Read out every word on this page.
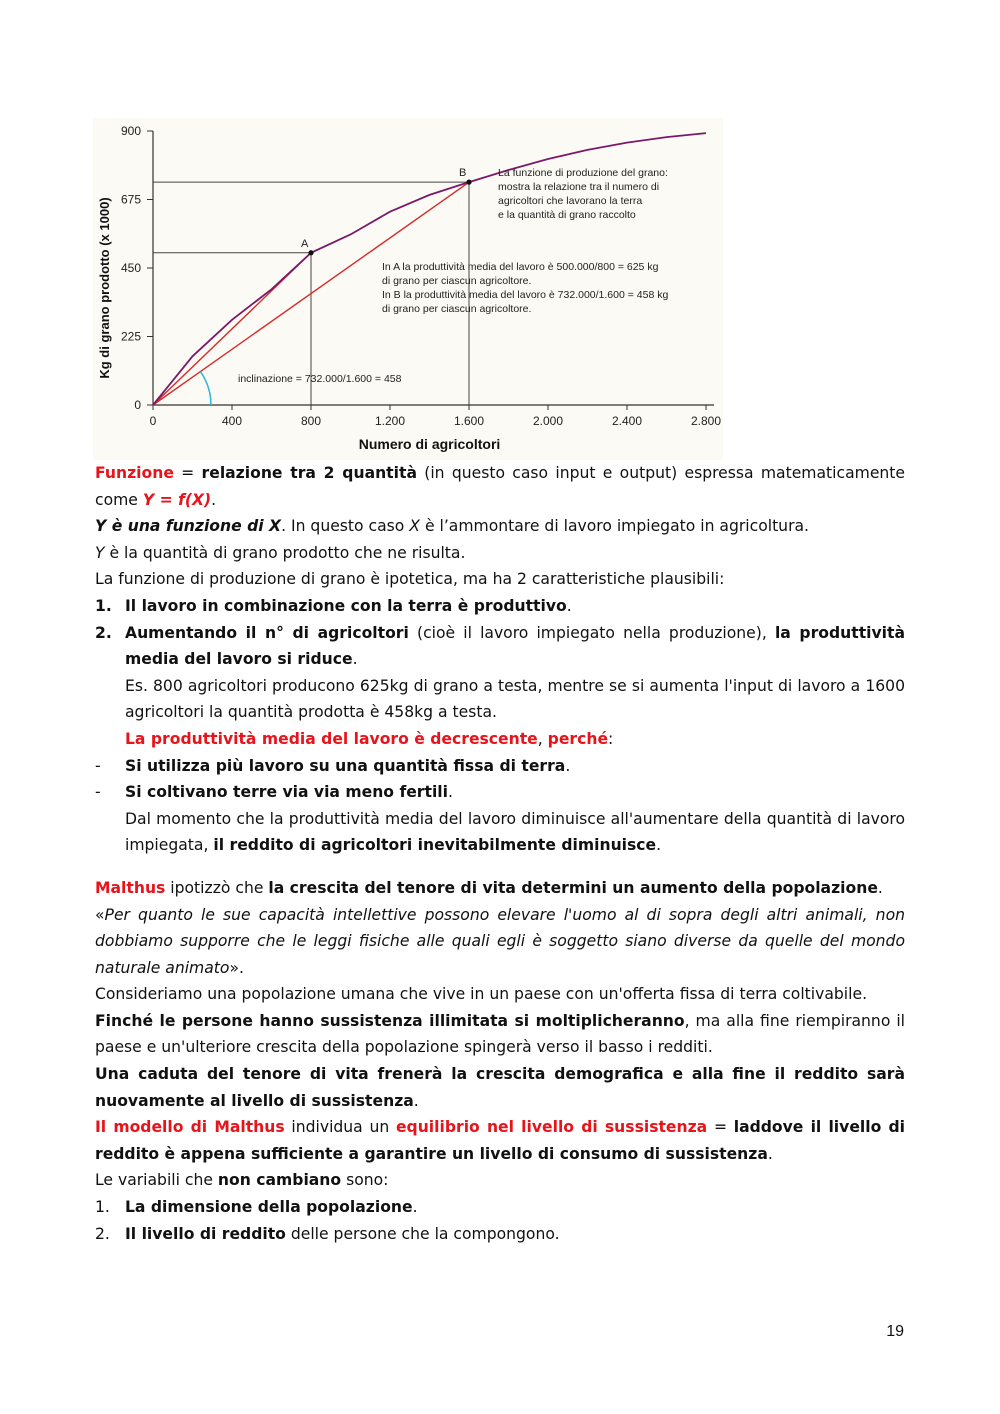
0
225
450
675
900
0	400	800	1.200	1.600	2.000	2.400	2.800
Numero di agricoltori
Kg di grano prodotto (x 1000)	A
B	La funzione di produzione del grano:
mostra la relazione tra il numero di
agricoltori che lavorano la terra
e la quantità di grano raccolto
In A la produttività media del lavoro è 500.000/800 = 625 kg
di grano per ciascun agricoltore.
In B la produttività media del lavoro è 732.000/1.600 = 458 kg
di grano per ciascun agricoltore.
inclinazione = 732.000/1.600 = 458

Funzione = relazione tra 2 quantità (in questo caso input e output) espressa matematicamente come Y = f(X).

Y è una funzione di X. In questo caso X è l’ammontare di lavoro impiegato in agricoltura.

Y è la quantità di grano prodotto che ne risulta.

La funzione di produzione di grano è ipotetica, ma ha 2 caratteristiche plausibili:

1. Il lavoro in combinazione con la terra è produttivo.
2. Aumentando il n° di agricoltori (cioè il lavoro impiegato nella produzione), la produttività media del lavoro si riduce.

Es. 800 agricoltori producono 625kg di grano a testa, mentre se si aumenta l'input di lavoro a 1600 agricoltori la quantità prodotta è 458kg a testa.

La produttività media del lavoro è decrescente, perché:

- Si utilizza più lavoro su una quantità fissa di terra.
- Si coltivano terre via via meno fertili.

Dal momento che la produttività media del lavoro diminuisce all'aumentare della quantità di lavoro impiegata, il reddito di agricoltori inevitabilmente diminuisce.

Malthus ipotizzò che la crescita del tenore di vita determini un aumento della popolazione.

«Per quanto le sue capacità intellettive possono elevare l'uomo al di sopra degli altri animali, non dobbiamo supporre che le leggi fisiche alle quali egli è soggetto siano diverse da quelle del mondo naturale animato».

Consideriamo una popolazione umana che vive in un paese con un'offerta fissa di terra coltivabile.

Finché le persone hanno sussistenza illimitata si moltiplicheranno, ma alla fine riempiranno il paese e un'ulteriore crescita della popolazione spingerà verso il basso i redditi.

Una caduta del tenore di vita frenerà la crescita demografica e alla fine il reddito sarà nuovamente al livello di sussistenza.

Il modello di Malthus individua un equilibrio nel livello di sussistenza = laddove il livello di reddito è appena sufficiente a garantire un livello di consumo di sussistenza.

Le variabili che non cambiano sono:

1. La dimensione della popolazione.
2. Il livello di reddito delle persone che la compongono.
19
